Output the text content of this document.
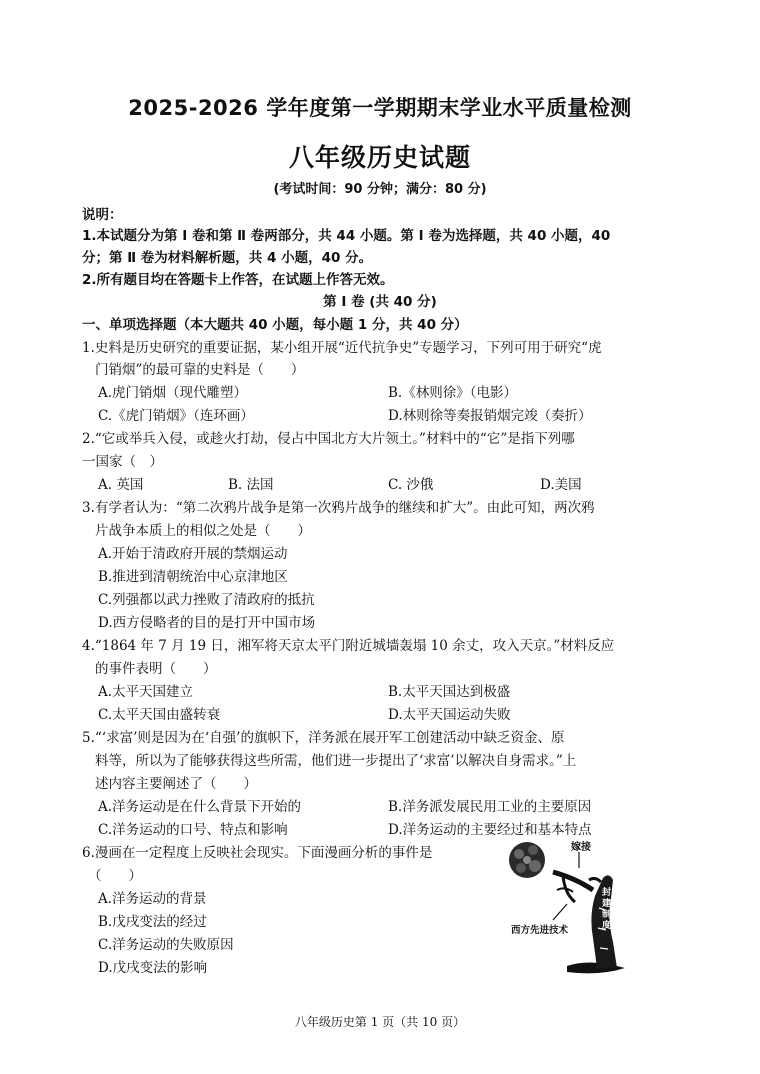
2025-2026 学年度第一学期期末学业水平质量检测
八年级历史试题
(考试时间：90 分钟；满分：80 分)
说明：
1.本试题分为第 Ⅰ 卷和第 Ⅱ 卷两部分，共 44 小题。第 Ⅰ 卷为选择题，共 40 小题，40
分；第 Ⅱ 卷为材料解析题，共 4 小题，40 分。
2.所有题目均在答题卡上作答，在试题上作答无效。
第 Ⅰ 卷 (共 40 分)
一、单项选择题（本大题共 40 小题，每小题 1 分，共 40 分）
1.史料是历史研究的重要证据，某小组开展“近代抗争史”专题学习，下列可用于研究“虎
门销烟”的最可靠的史料是（　　）
A.虎门销烟（现代雕塑）	B.《林则徐》（电影）
C.《虎门销烟》（连环画）	D.林则徐等奏报销烟完竣（奏折）
2.“它或举兵入侵，或趁火打劫，侵占中国北方大片领土。”材料中的“它”是指下列哪
一国家（　）
A. 英国	B. 法国	C. 沙俄	D.美国
3.有学者认为：“第二次鸦片战争是第一次鸦片战争的继续和扩大”。由此可知，两次鸦
片战争本质上的相似之处是（　　）
A.开始于清政府开展的禁烟运动
B.推进到清朝统治中心京津地区
C.列强都以武力挫败了清政府的抵抗
D.西方侵略者的目的是打开中国市场
4.“1864 年 7 月 19 日，湘军将天京太平门附近城墙轰塌 10 余丈，攻入天京。”材料反应
的事件表明（　　）
A.太平天国建立	B.太平天国达到极盛
C.太平天国由盛转衰	D.太平天国运动失败
5.“‘求富’则是因为在‘自强’的旗帜下，洋务派在展开军工创建活动中缺乏资金、原
料等，所以为了能够获得这些所需，他们进一步提出了‘求富’以解决自身需求。”上
述内容主要阐述了（　　）
A.洋务运动是在什么背景下开始的	B.洋务派发展民用工业的主要原因
C.洋务运动的口号、特点和影响	D.洋务运动的主要经过和基本特点
6.漫画在一定程度上反映社会现实。下面漫画分析的事件是
（　　）
A.洋务运动的背景
B.戊戌变法的经过
C.洋务运动的失败原因
D.戊戌变法的影响
嫁接
封建制度
西方先进技术
八年级历史第 1 页（共 10 页）
